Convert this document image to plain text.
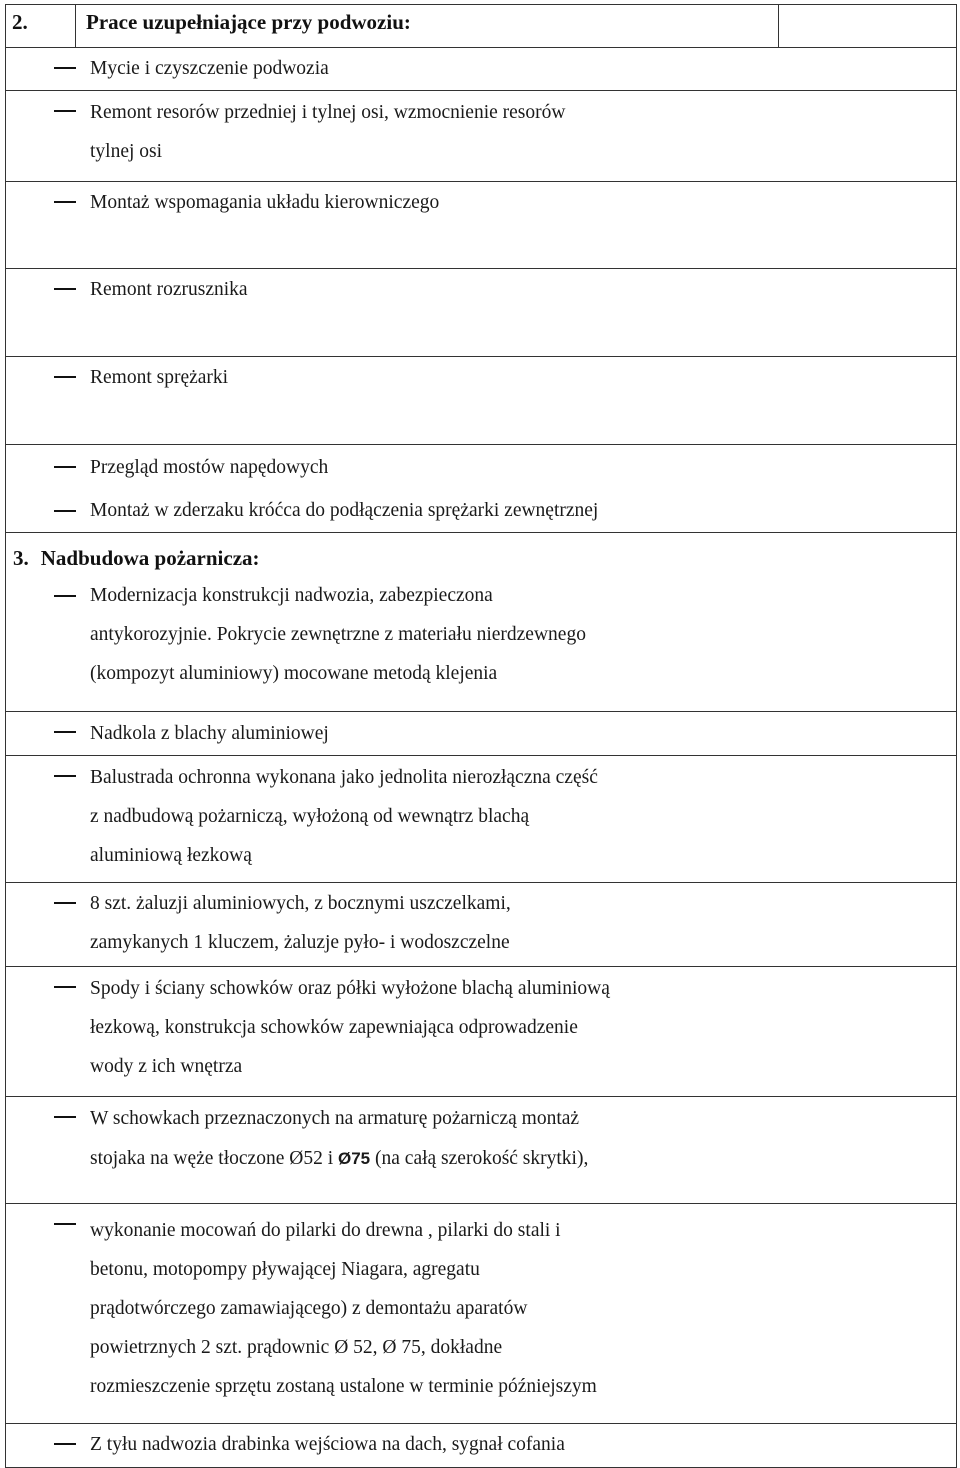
2.	Prace uzupełniające przy podwoziu:	

Mycie i czyszczenie podwozia		

Remont resorów przedniej i tylnej osi, wzmocnienie resorów
tylnej osi		

Montaż wspomagania układu kierowniczego		

Remont rozrusznika		

Remont sprężarki		

Przegląd mostów napędowych
Montaż w zderzaku króćca do podłączenia sprężarki zewnętrznej		

3. Nadbudowa pożarnicza:
Modernizacja konstrukcji nadwozia, zabezpieczona
antykorozyjnie. Pokrycie zewnętrzne z materiału nierdzewnego
(kompozyt aluminiowy) mocowane metodą klejenia		

Nadkola z blachy aluminiowej		

Balustrada ochronna wykonana jako jednolita nierozłączna część
z nadbudową pożarniczą, wyłożoną od wewnątrz blachą
aluminiową łezkową		

8 szt. żaluzji aluminiowych, z bocznymi uszczelkami,
zamykanych 1 kluczem, żaluzje pyło- i wodoszczelne		

Spody i ściany schowków oraz półki wyłożone blachą aluminiową
łezkową, konstrukcja schowków zapewniająca odprowadzenie
wody z ich wnętrza		

W schowkach przeznaczonych na armaturę pożarniczą montaż
stojaka na węże tłoczone Ø52 i Ø75 (na całą szerokość skrytki),		

wykonanie mocowań do pilarki do drewna , pilarki do stali i
betonu, motopompy pływającej Niagara, agregatu
prądotwórczego zamawiającego) z demontażu aparatów
powietrznych 2 szt. prądownic Ø 52, Ø 75, dokładne
rozmieszczenie sprzętu zostaną ustalone w terminie późniejszym		

Z tyłu nadwozia drabinka wejściowa na dach, sygnał cofania		
